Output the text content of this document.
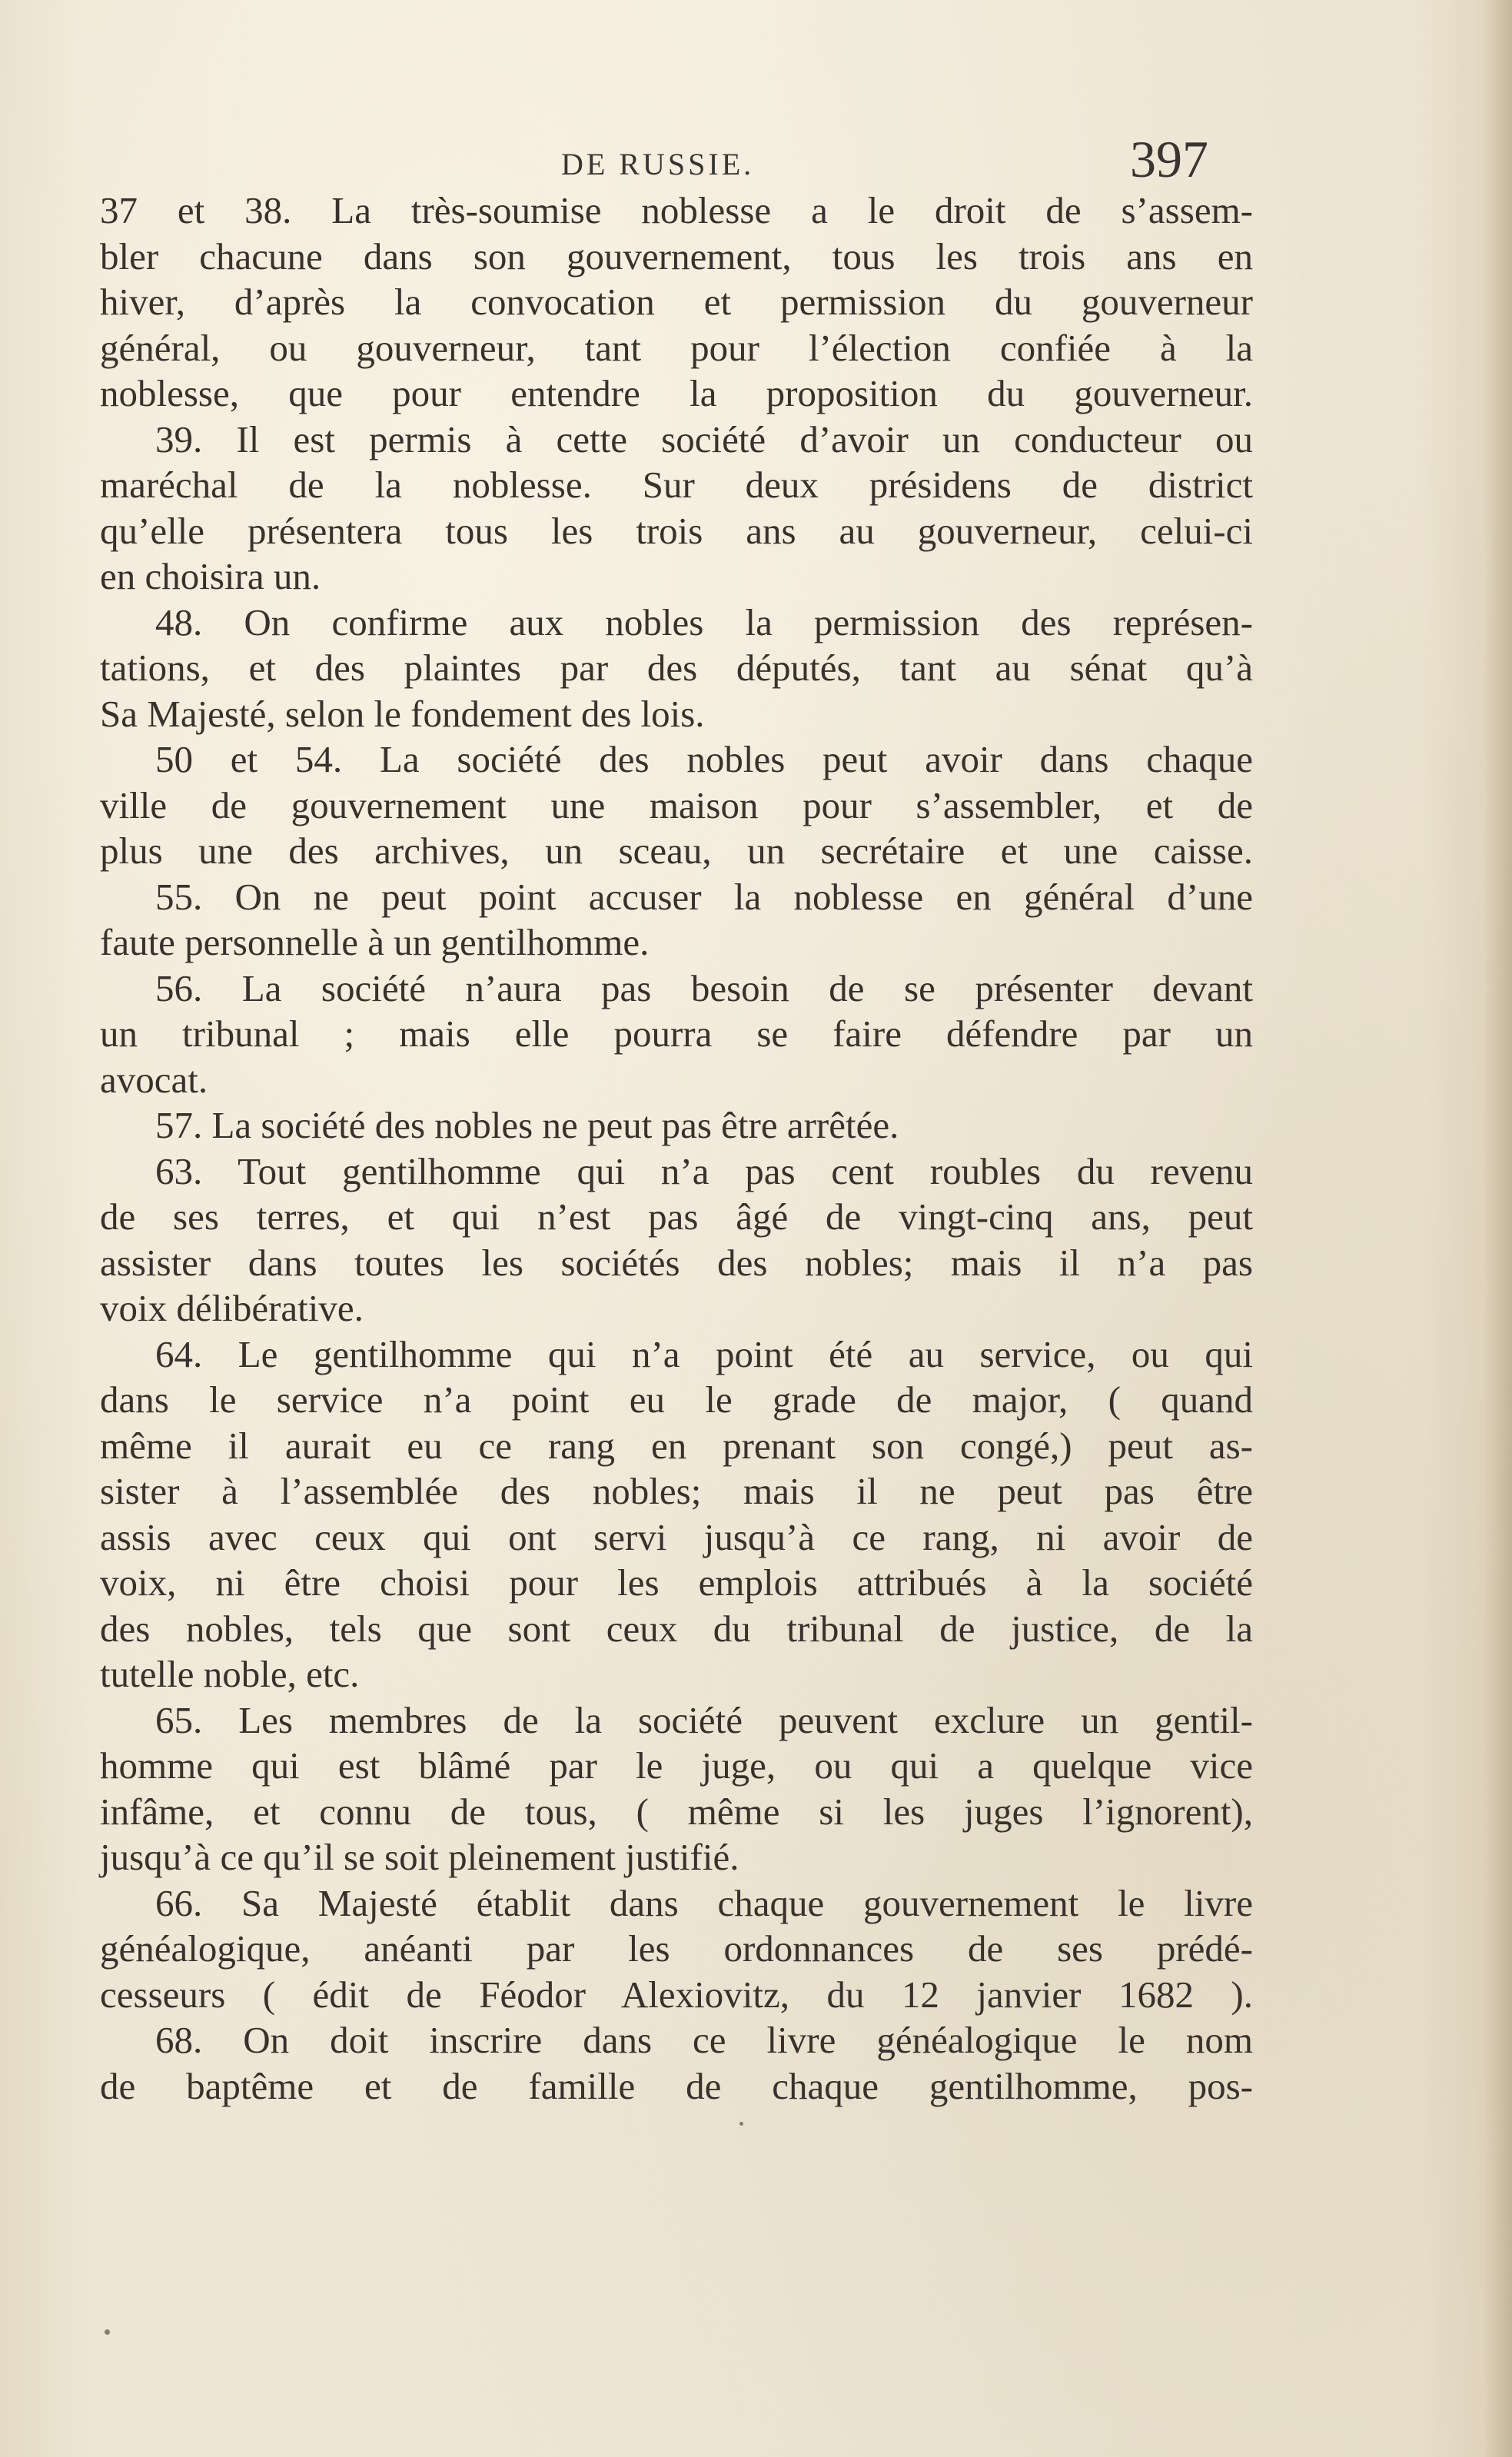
DE RUSSIE.	397
37 et 38. La très-soumise noblesse a le droit de s’assem-
bler chacune dans son gouvernement, tous les trois ans en
hiver, d’après la convocation et permission du gouverneur
général, ou gouverneur, tant pour l’élection confiée à la
noblesse, que pour entendre la proposition du gouverneur.
39. Il est permis à cette société d’avoir un conducteur ou
maréchal de la noblesse. Sur deux présidens de district
qu’elle présentera tous les trois ans au gouverneur, celui-ci
en choisira un.
48. On confirme aux nobles la permission des représen-
tations, et des plaintes par des députés, tant au sénat qu’à
Sa Majesté, selon le fondement des lois.
50 et 54. La société des nobles peut avoir dans chaque
ville de gouvernement une maison pour s’assembler, et de
plus une des archives, un sceau, un secrétaire et une caisse.
55. On ne peut point accuser la noblesse en général d’une
faute personnelle à un gentilhomme.
56. La société n’aura pas besoin de se présenter devant
un tribunal ; mais elle pourra se faire défendre par un
avocat.
57. La société des nobles ne peut pas être arrêtée.
63. Tout gentilhomme qui n’a pas cent roubles du revenu
de ses terres, et qui n’est pas âgé de vingt-cinq ans, peut
assister dans toutes les sociétés des nobles; mais il n’a pas
voix délibérative.
64. Le gentilhomme qui n’a point été au service, ou qui
dans le service n’a point eu le grade de major, ( quand
même il aurait eu ce rang en prenant son congé,) peut as-
sister à l’assemblée des nobles; mais il ne peut pas être
assis avec ceux qui ont servi jusqu’à ce rang, ni avoir de
voix, ni être choisi pour les emplois attribués à la société
des nobles, tels que sont ceux du tribunal de justice, de la
tutelle noble, etc.
65. Les membres de la société peuvent exclure un gentil-
homme qui est blâmé par le juge, ou qui a quelque vice
infâme, et connu de tous, ( même si les juges l’ignorent),
jusqu’à ce qu’il se soit pleinement justifié.
66. Sa Majesté établit dans chaque gouvernement le livre
généalogique, anéanti par les ordonnances de ses prédé-
cesseurs ( édit de Féodor Alexiovitz, du 12 janvier 1682 ).
68. On doit inscrire dans ce livre généalogique le nom
de baptême et de famille de chaque gentilhomme, pos-
